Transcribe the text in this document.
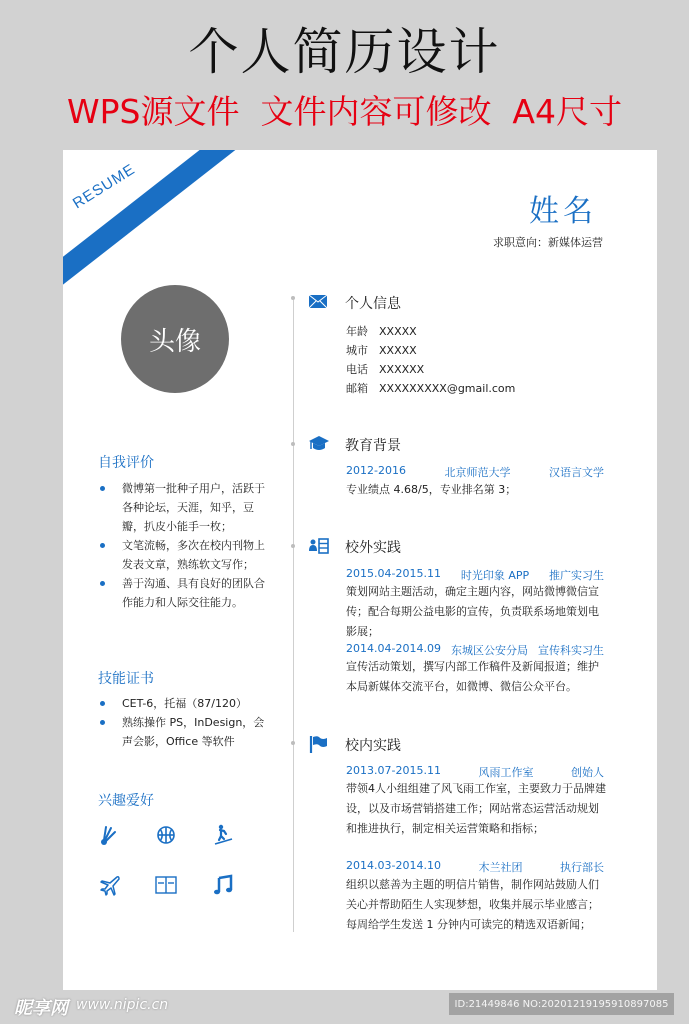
个人简历设计
WPS源文件  文件内容可修改  A4尺寸
RESUME	姓名
求职意向：新媒体运营
头像
自我评价
微博第一批种子用户，活跃于各种论坛，天涯，知乎，豆瓣，扒皮小能手一枚；
文笔流畅，多次在校内刊物上发表文章，熟练软文写作；
善于沟通、具有良好的团队合作能力和人际交往能力。
技能证书
CET-6，托福（87/120）
熟练操作 PS，InDesign，会声会影，Office 等软件
兴趣爱好
个人信息
年龄 XXXXX
城市 XXXXX
电话 XXXXXX
邮箱 XXXXXXXXX@gmail.com
教育背景
2012-2016	北京师范大学	汉语言文学
专业绩点 4.68/5，专业排名第 3；
校外实践
2015.04-2015.11 时光印象 APP 推广实习生
策划网站主题活动，确定主题内容，网站微博微信宣传；配合每期公益电影的宣传，负责联系场地策划电影展；
2014.04-2014.09 东城区公安分局 宣传科实习生
宣传活动策划，撰写内部工作稿件及新闻报道；维护本局新媒体交流平台，如微博、微信公众平台。
校内实践
2013.07-2015.11	风雨工作室	创始人
带领4人小组组建了风飞雨工作室，主要致力于品牌建设，以及市场营销搭建工作；网站常态运营活动规划和推进执行，制定相关运营策略和指标；
2014.03-2014.10	木兰社团	执行部长
组织以慈善为主题的明信片销售，制作网站鼓励人们关心并帮助陌生人实现梦想，收集并展示毕业感言；每周给学生发送 1 分钟内可读完的精选双语新闻；
昵享网 www.nipic.cn	ID:21449846 NO:20201219195910897085
